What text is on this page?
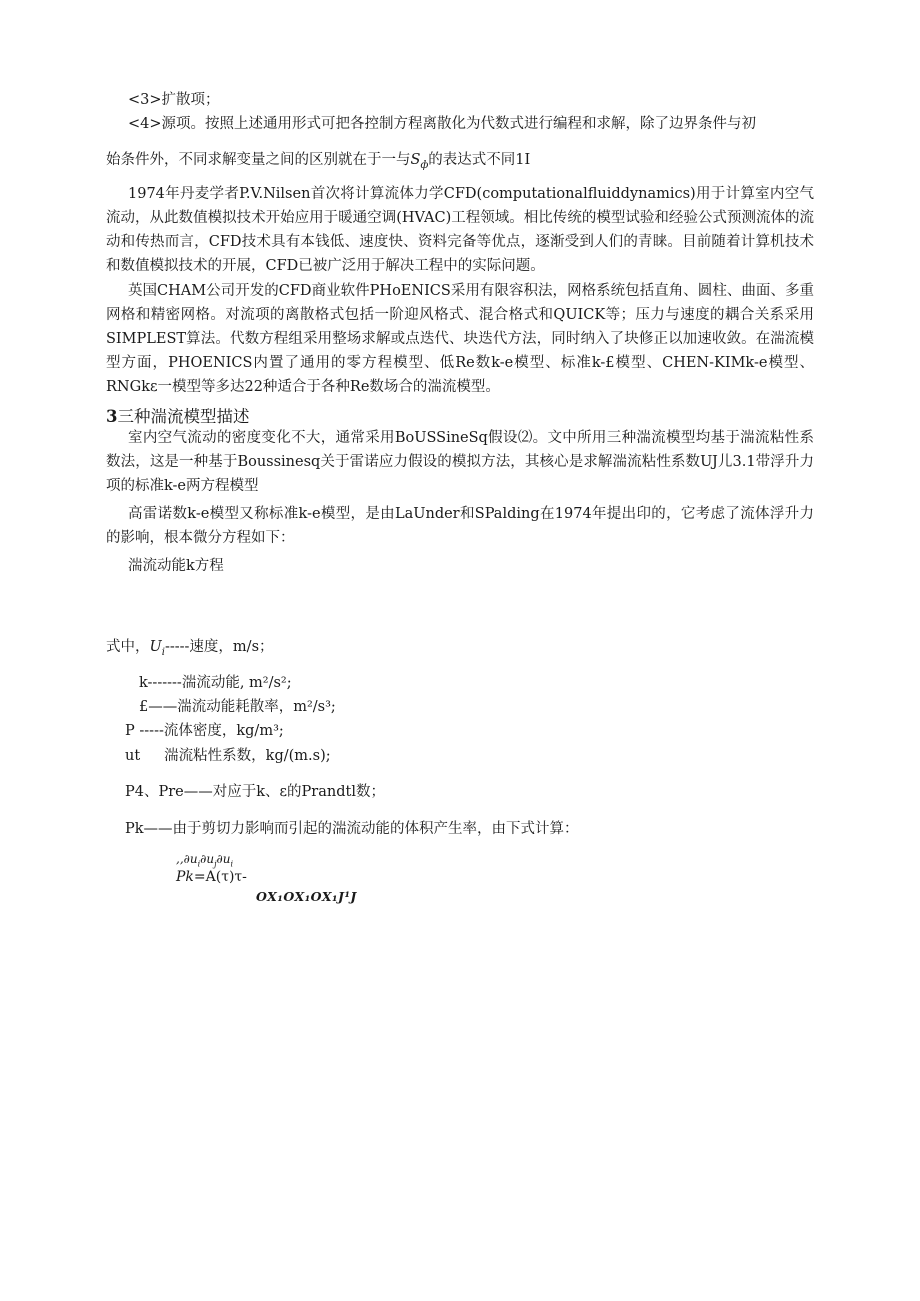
<3>扩散项；
<4>源项。按照上述通用形式可把各控制方程离散化为代数式进行编程和求解，除了边界条件与初
始条件外，不同求解变量之间的区别就在于一与$S_ф$的表达式不同1I

1974年丹麦学者P.V.Nilsen首次将计算流体力学CFD(computationalfluiddynamics)用于计算室内空气流动，从此数值模拟技术开始应用于暖通空调(HVAC)工程领域。相比传统的模型试验和经验公式预测流体的流动和传热而言，CFD技术具有本钱低、速度快、资料完备等优点，逐渐受到人们的青睐。目前随着计算机技术和数值模拟技术的开展，CFD已被广泛用于解决工程中的实际问题。

英国CHAM公司开发的CFD商业软件PHoENICS采用有限容积法，网格系统包括直角、圆柱、曲面、多重网格和精密网格。对流项的离散格式包括一阶迎风格式、混合格式和QUICK等；压力与速度的耦合关系采用SIMPLEST算法。代数方程组采用整场求解或点迭代、块迭代方法，同时纳入了块修正以加速收敛。在湍流模型方面，PHOENICS内置了通用的零方程模型、低Re数k-e模型、标准k-£模型、CHEN-KIMk-e模型、RNGkε一模型等多达22种适合于各种Re数场合的湍流模型。

3三种湍流模型描述

室内空气流动的密度变化不大，通常采用BoUSSineSq假设⑵。文中所用三种湍流模型均基于湍流粘性系数法，这是一种基于Boussinesq关于雷诺应力假设的模拟方法，其核心是求解湍流粘性系数UJ儿3.1带浮升力项的标准k-e两方程模型

高雷诺数k-e模型又称标准k-e模型，是由LaUnder和SPalding在1974年提出印的，它考虑了流体浮升力的影响，根本微分方程如下：

湍流动能k方程
式中，$U_i-----$速度，m/s；
k-------湍流动能, m²/s²;
£——湍流动能耗散率，m²/s³;
P -----流体密度，kg/m³;
ut 湍流粘性系数，kg/(m.s);
P4、Pre——对应于k、ε的Prandtl数；
Pk——由于剪切力影响而引起的湍流动能的体积产生率，由下式计算：
$,,\partial u_i\partial u_j\partial u_i$
Pk=A(τ)τ-
OX₁OX₁OX₁J¹J
